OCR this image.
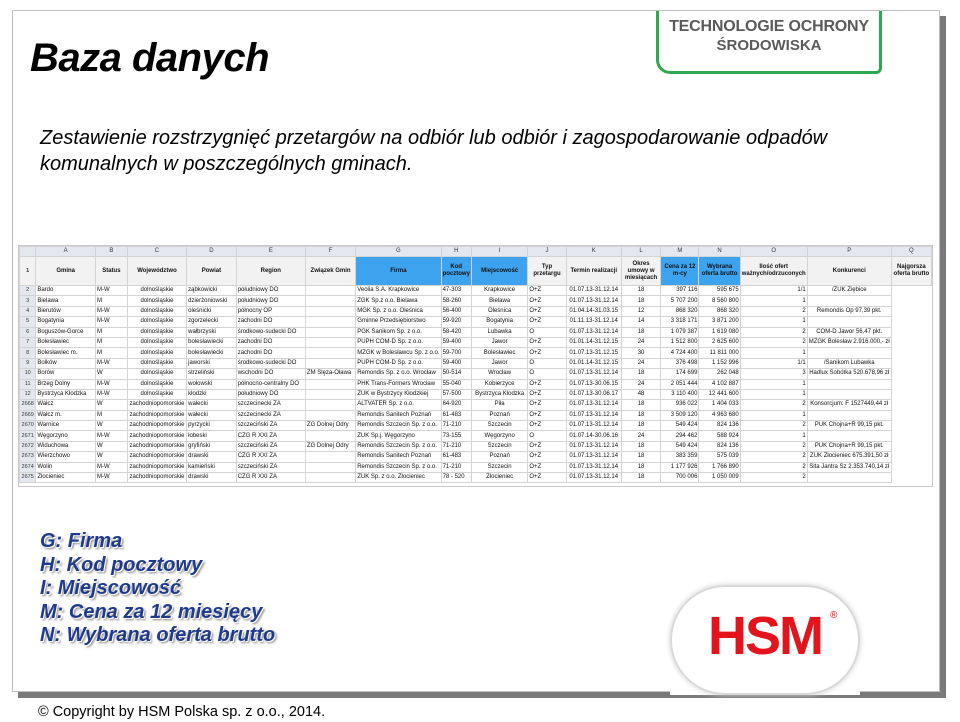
TECHNOLOGIE OCHRONY
ŚRODOWISKA
Baza danych
Zestawienie rozstrzygnięć przetargów na odbiór lub odbiór i zagospodarowanie odpadów komunalnych w poszczególnych gminach.
	A	B	C	D	E	F	G	H	I	J	K	L	M	N	O	P	Q
1	Gmina	Status	Województwo	Powiat	Region	Związek Gmin	Firma	Kod pocztowy	Miejscowość	Typ przetargu	Termin realizacji	Okres umowy w miesiącach	Cena za 12 m-cy	Wybrana oferta brutto	Ilość ofert ważnych/odrzuconych	Konkurenci	Najgorsza oferta brutto
2	Bardo	M-W	dolnośląskie	ząbkowicki	południowy DO		Veolia S.A. Krapkowice	47-303	Krapkowice	O+Z	01.07.13-31.12.14	18	397 116	595 675	1/1	/ZUK Ziębice	
3	Bielawa	M	dolnośląskie	dzierżoniowski	południowy DO		ZGK Sp.z o.o. Bielawa	58-260	Bielawa	O+Z	01.07.13-31.12.14	18	5 707 200	8 560 800	1		
4	Bierutów	M-W	dolnośląskie	oleśnicki	północny OP		MGK Sp. z o.o. Oleśnica	56-400	Oleśnica	O+Z	01.04.14-31.03.15	12	868 320	868 320	2	Remondis Op 97,39 pkt.	
5	Bogatynia	M-W	dolnośląskie	zgorzelecki	zachodni DO		Gminne Przedsiębiorstwo	59-920	Bogatynia	O+Z	01.11.13-31.12.14	14	3 318 171	3 871 200	1		
6	Boguszów-Gorce	M	dolnośląskie	wałbrzyski	środkowo-sudecki DO		PGK Sanikom Sp. z o.o.	58-420	Lubawka	O	01.07.13-31.12.14	18	1 079 387	1 619 080	2	COM-D Jawor 56,47 pkt.	
7	Bolesławiec	M	dolnośląskie	bolesławiecki	zachodni DO		PUPH COM-D Sp. z o.o.	59-400	Jawor	O+Z	01.01.14-31.12.15	24	1 512 800	2 625 600	2	MZGK Bolesław 2.916.000,- zł	
8	Bolesławiec m.	M	dolnośląskie	bolesławiecki	zachodni DO		MZGK w Bolesławcu Sp. z o.o.	59-700	Bolesławiec	O+Z	01.07.13-31.12.15	30	4 724 400	11 811 000	1		
9	Bolków	M-W	dolnośląskie	jaworski	środkowo-sudecki DO		PUPH COM-D Sp. z o.o.	59-400	Jawor	O	01.01.14-31.12.15	24	376 498	1 152 996	1/1	/Sanikom Lubawka	
10	Borów	W	dolnośląskie	strzeliński	wschodni DO	ZM Ślęza-Oława	Remondis Sp. z o.o. Wrocław	50-514	Wrocław	O	01.07.13-31.12.14	18	174 699	262 048	3	Hadlux Sobótka 520.678,96 zł	
11	Brzeg Dolny	M-W	dolnośląskie	wołowski	północno-centralny DO		PHK Trans-Formers Wrocław	55-040	Kobierzyce	O+Z	01.07.13-30.06.15	24	2 051 444	4 102 887	1		
12	Bystrzyca Kłodzka	M-W	dolnośląskie	kłodzki	południowy DO		ZUK w Bystrzycy Kłodzkiej	57-500	Bystrzyca Kłodzka	O+Z	01.07.13-30.06.17	48	3 110 400	12 441 600	1		
2668	Wałcz	W	zachodniopomorskie	wałecki	szczecinecki ZA		ALTVATER Sp. z o.o.	64-920	Piła	O+Z	01.07.13-31.12.14	18	936 022	1 404 033	2	Konsorcjum: F 1527449,44 zł	
2669	Wałcz m.	M	zachodniopomorskie	wałecki	szczecinecki ZA		Remondis Sanitech Poznań	61-483	Poznań	O+Z	01.07.13-31.12.14	18	3 509 120	4 963 680	1		
2670	Warnice	W	zachodniopomorskie	pyrzycki	szczeciński ZA	ZG Dolnej Odry	Remondis Szczecin Sp. z o.o.	71-210	Szczecin	O+Z	01.07.13-31.12.14	18	549 424	824 136	2	PUK Chojna+R 99,15 pkt.	
2671	Węgorzyno	M-W	zachodniopomorskie	łobeski	CZG R XXI ZA		ZUK Sp.j. Węgorzyno	73-155	Węgorzyno	O	01.07.14-30.06.16	24	294 462	588 924	1		
2672	Widuchowa	W	zachodniopomorskie	gryfiński	szczeciński ZA	ZG Dolnej Odry	Remondis Szczecin Sp. z o.o.	71-210	Szczecin	O+Z	01.07.13-31.12.14	18	549 424	824 136	2	PUK Chojna+R 99,15 pkt.	
2673	Wierzchowo	W	zachodniopomorskie	drawski	CZG R XXI ZA		Remondis Sanitech Poznań	61-483	Poznań	O+Z	01.07.13-31.12.14	18	383 359	575 039	2	ZUK Złocieniec 675.391,50 zł	
2674	Wolin	M-W	zachodniopomorskie	kamieński	szczeciński ZA		Remondis Szczecin Sp. z o.o.	71-210	Szczecin	O+Z	01.07.13-31.12.14	18	1 177 926	1 766 890	2	Sita Jantra Sz 2.353.740,14 zł	
2675	Złocieniec	M-W	zachodniopomorskie	drawski	CZG R XXI ZA		ZUK Sp. z o.o. Złocieniec	78 - 520	Złocieniec	O+Z	01.07.13-31.12.14	18	700 006	1 050 009	2		
G: Firma
H: Kod pocztowy
I: Miejscowość
M: Cena za 12 miesięcy
N: Wybrana oferta brutto	HSM ®
© Copyright by HSM Polska sp. z o.o., 2014.
